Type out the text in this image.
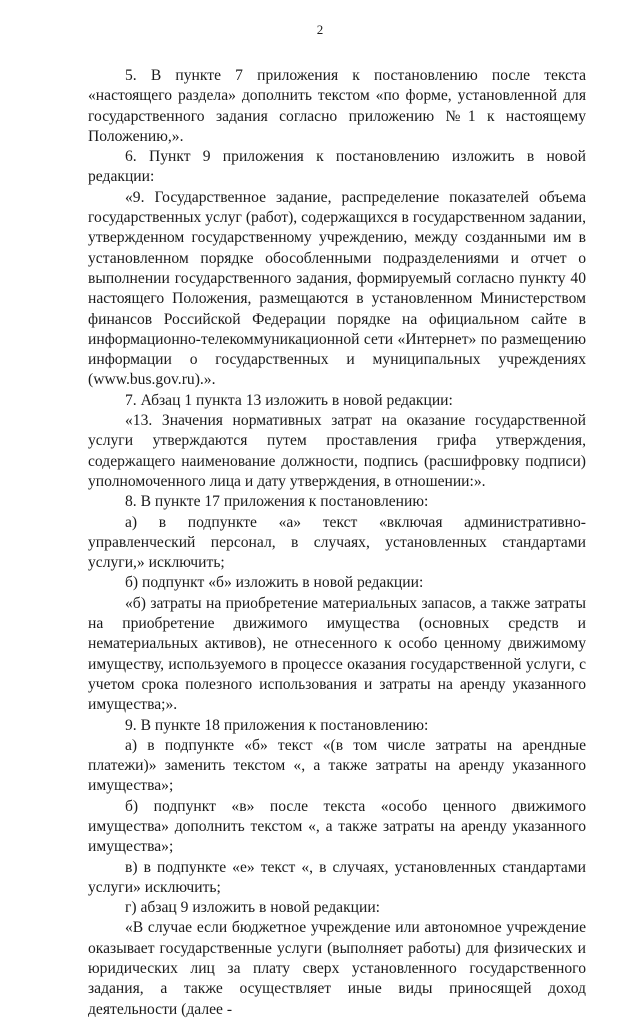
2

5. В пункте 7 приложения к постановлению после текста «настоящего раздела» дополнить текстом «по форме, установленной для государственного задания согласно приложению №1 к настоящему Положению,».

6. Пункт 9 приложения к постановлению изложить в новой редакции:

«9. Государственное задание, распределение показателей объема государственных услуг (работ), содержащихся в государственном задании, утвержденном государственному учреждению, между созданными им в установленном порядке обособленными подразделениями и отчет о выполнении государственного задания, формируемый согласно пункту 40 настоящего Положения, размещаются в установленном Министерством финансов Российской Федерации порядке на официальном сайте в информационно-телекоммуникационной сети «Интернет» по размещению информации о государственных и муниципальных учреждениях (www.bus.gov.ru).».

7. Абзац 1 пункта 13 изложить в новой редакции:

«13. Значения нормативных затрат на оказание государственной услуги утверждаются путем проставления грифа утверждения, содержащего наименование должности, подпись (расшифровку подписи) уполномоченного лица и дату утверждения, в отношении:».

8. В пункте 17 приложения к постановлению:

а) в подпункте «а» текст «включая административно-управленческий персонал, в случаях, установленных стандартами услуги,» исключить;

б) подпункт «б» изложить в новой редакции:

«б) затраты на приобретение материальных запасов, а также затраты на приобретение движимого имущества (основных средств и нематериальных активов), не отнесенного к особо ценному движимому имуществу, используемого в процессе оказания государственной услуги, с учетом срока полезного использования и затраты на аренду указанного имущества;».

9. В пункте 18 приложения к постановлению:

а) в подпункте «б» текст «(в том числе затраты на арендные платежи)» заменить текстом «, а также затраты на аренду указанного имущества»;

б) подпункт «в» после текста «особо ценного движимого имущества» дополнить текстом «, а также затраты на аренду указанного имущества»;

в) в подпункте «е» текст «, в случаях, установленных стандартами услуги» исключить;

г) абзац 9 изложить в новой редакции:

«В случае если бюджетное учреждение или автономное учреждение оказывает государственные услуги (выполняет работы) для физических и юридических лиц за плату сверх установленного государственного задания, а также осуществляет иные виды приносящей доход деятельности (далее -
